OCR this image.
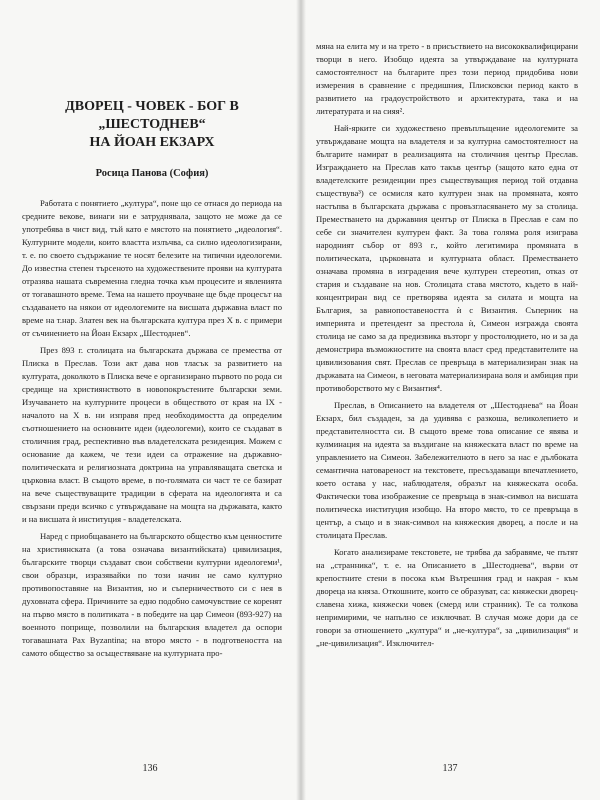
ДВОРЕЦ - ЧОВЕК - БОГ В „ШЕСТОДНЕВ“
НА ЙОАН ЕКЗАРХ
Росица Панова (София)

Работата с понятието „култура“, поне що се отнася до периода на средните векове, винаги ни е затруднявала, защото не може да се употребява в чист вид, тъй като е мястото на понятието „идеология“. Културните модели, които властта излъчва, са силно идеологизирани, т. е. по своето съдържание те носят белезите на типични идеологеми. До известна степен търсеното на художествените прояви на културата отразява нашата съвременна гледна точка към процесите и явленията от тогавашното време. Тема на нашето проучване ще бъде процесът на създаването на някои от идеологемите на висшата държавна власт по време на т.нар. Златен век на българската култура през X в. с примери от съчинението на Йоан Екзарх „Шестоднев“.

През 893 г. столицата на българската държава се премества от Плиска в Преслав. Този акт дава нов тласък за развитието на културата, доколкото в Плиска вече е организирано първото по рода си средище на християнството в новопокръстените български земи. Изучаването на културните процеси в обществото от края на IX - началото на X в. ни изправя пред необходимостта да определим съотношението на основните идеи (идеологеми), които се създават в столичния град, респективно във владетелската резиденция. Можем с основание да кажем, че тези идеи са отражение на държавно-политическата и религиозната доктрина на управляващата светска и църковна власт. В същото време, в по-голямата си част те се базират на вече съществуващите традиции в сферата на идеологията и са свързани преди всичко с утвърждаване на мощта на държавата, както и на висшата ѝ институция - владетелската.

Наред с приобщаването на българското общество към ценностите на християнската (а това означава византийската) цивилизация, българските творци създават свои собствени културни идеологеми¹, свои образци, изразявайки по този начин не само културно противопоставяне на Византия, но и съперничеството си с нея в духовната сфера. Причините за едно подобно самочувствие се коренят на първо място в политиката - в победите на цар Симеон (893-927) на военното поприще, позволили на българския владетел да оспори тогавашната Pax Byzantina; на второ място - в подготвеността на самото общество за осъществяване на културната про-

136

мяна на елита му и на трето - в присъствието на висококвалифицирани творци в него. Изобщо идеята за утвърждаване на културната самостоятелност на българите през този период придобива нови измерения в сравнение с предишния, Плисковски период както в развитието на градоустройството и архитектурата, така и на литературата и на сияя².

Най-ярките си художествено превъплъщение идеологемите за утвърждаване мощта на владетеля и за културна самостоятелност на българите намират в реализацията на столичния център Преслав. Изграждането на Преслав като такъв център (защото като една от владетелските резиденции през съществуващия период той отдавна съществува³) се осмисля като културен знак на промяната, която настъпва в българската държава с провъзгласяването му за столица. Преместването на държавния център от Плиска в Преслав е сам по себе си значителен културен факт. За това голяма роля изиграва народният събор от 893 г., който легитимира промяната в политическата, църковната и културната област. Преместването означава промяна в изградения вече културен стереотип, отказ от стария и създаване на нов. Столицата става мястото, където в най-концентриран вид се претворява идеята за силата и мощта на България, за равнопоставеността ѝ с Византия. Съперник на империята и претендент за престола ѝ, Симеон изгражда своята столица не само за да предизвика възторг у простолюдието, но и за да демонстрира възможностите на своята власт сред представителите на цивилизования свят. Преслав се превръща в материализиран знак на държавата на Симеон, в неговата материализирана воля и амбиция при противоборството му с Византия⁴.

Преслав, в Описанието на владетеля от „Шестоднева“ на Йоан Екзарх, бил създаден, за да удивява с разкоша, великолепието и представителността си. В същото време това описание се явява и кулминация на идеята за въздигане на княжеската власт по време на управлението на Симеон. Забележителното в него за нас е дълбоката семантична натовареност на текстовете, пресъздаващи впечатлението, което остава у нас, наблюдателя, образът на княжеската особа. Фактически това изображение се превръща в знак-символ на висшата политическа институция изобщо. На второ място, то се превръща в център, а също и в знак-символ на княжеския дворец, а после и на столицата Преслав.

Когато анализираме текстовете, не трябва да забравяме, че пътят на „странника“, т. е. на Описанието в „Шестоднева“, върви от крепостните стени в посока към Вътрешния град и накрая - към двореца на княза. Откошните, които се образуват, са: княжески дворец-славена хижа, княжески човек (смерд или странник). Те са толкова непримирими, че напълно се изключват. В случая може дори да се говори за отношението „култура“ и „не-култура“, за „цивилизация“ и „не-цивилизация“. Изключител-

137
